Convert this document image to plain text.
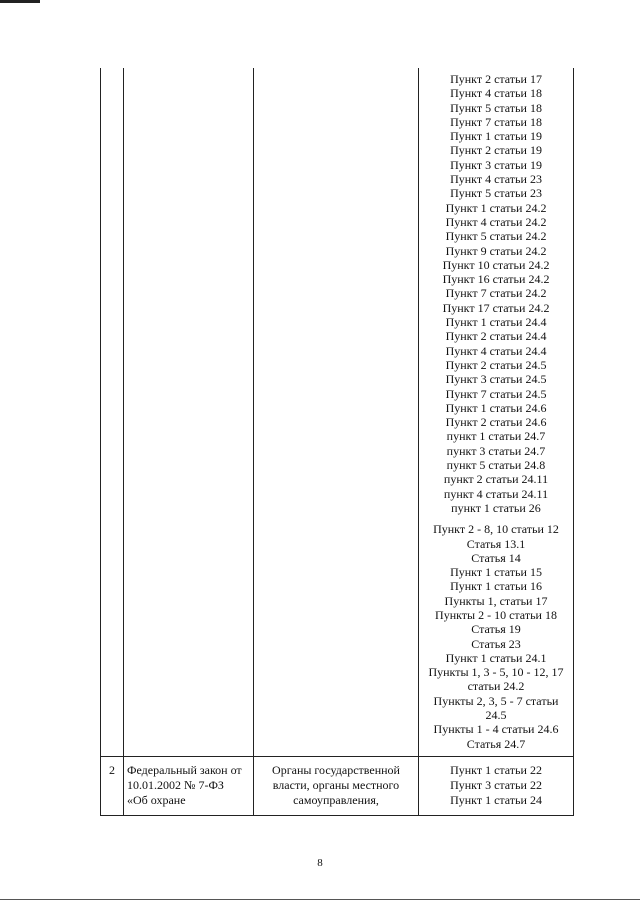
Пункт 2 статьи 17
Пункт 4 статьи 18
Пункт 5 статьи 18
Пункт 7 статьи 18
Пункт 1 статьи 19
Пункт 2 статьи 19
Пункт 3 статьи 19
Пункт 4 статьи 23
Пункт 5 статьи 23
Пункт 1 статьи 24.2
Пункт 4 статьи 24.2
Пункт 5 статьи 24.2
Пункт 9 статьи 24.2
Пункт 10 статьи 24.2
Пункт 16 статьи 24.2
Пункт 7 статьи 24.2
Пункт 17 статьи 24.2
Пункт 1 статьи 24.4
Пункт 2 статьи 24.4
Пункт 4 статьи 24.4
Пункт 2 статьи 24.5
Пункт 3 статьи 24.5
Пункт 7 статьи 24.5
Пункт 1 статьи 24.6
Пункт 2 статьи 24.6
пункт 1 статьи 24.7
пункт 3 статьи 24.7
пункт 5 статьи 24.8
пункт 2 статьи 24.11
пункт 4 статьи 24.11
пункт 1 статьи 26
Пункт 2 - 8, 10 статьи 12
Статья 13.1
Статья 14
Пункт 1 статьи 15
Пункт 1 статьи 16
Пункты 1, статьи 17
Пункты 2 - 10 статьи 18
Статья 19
Статья 23
Пункт 1 статьи 24.1
Пункты 1, 3 - 5, 10 - 12, 17
статьи 24.2
Пункты 2, 3, 5 - 7 статьи
24.5
Пункты 1 - 4 статьи 24.6
Статья 24.7
2	Федеральный закон от
10.01.2002 № 7-ФЗ
«Об охране
Органы государственной
власти, органы местного
самоуправления,
Пункт 1 статьи 22
Пункт 3 статьи 22
Пункт 1 статьи 24
8
